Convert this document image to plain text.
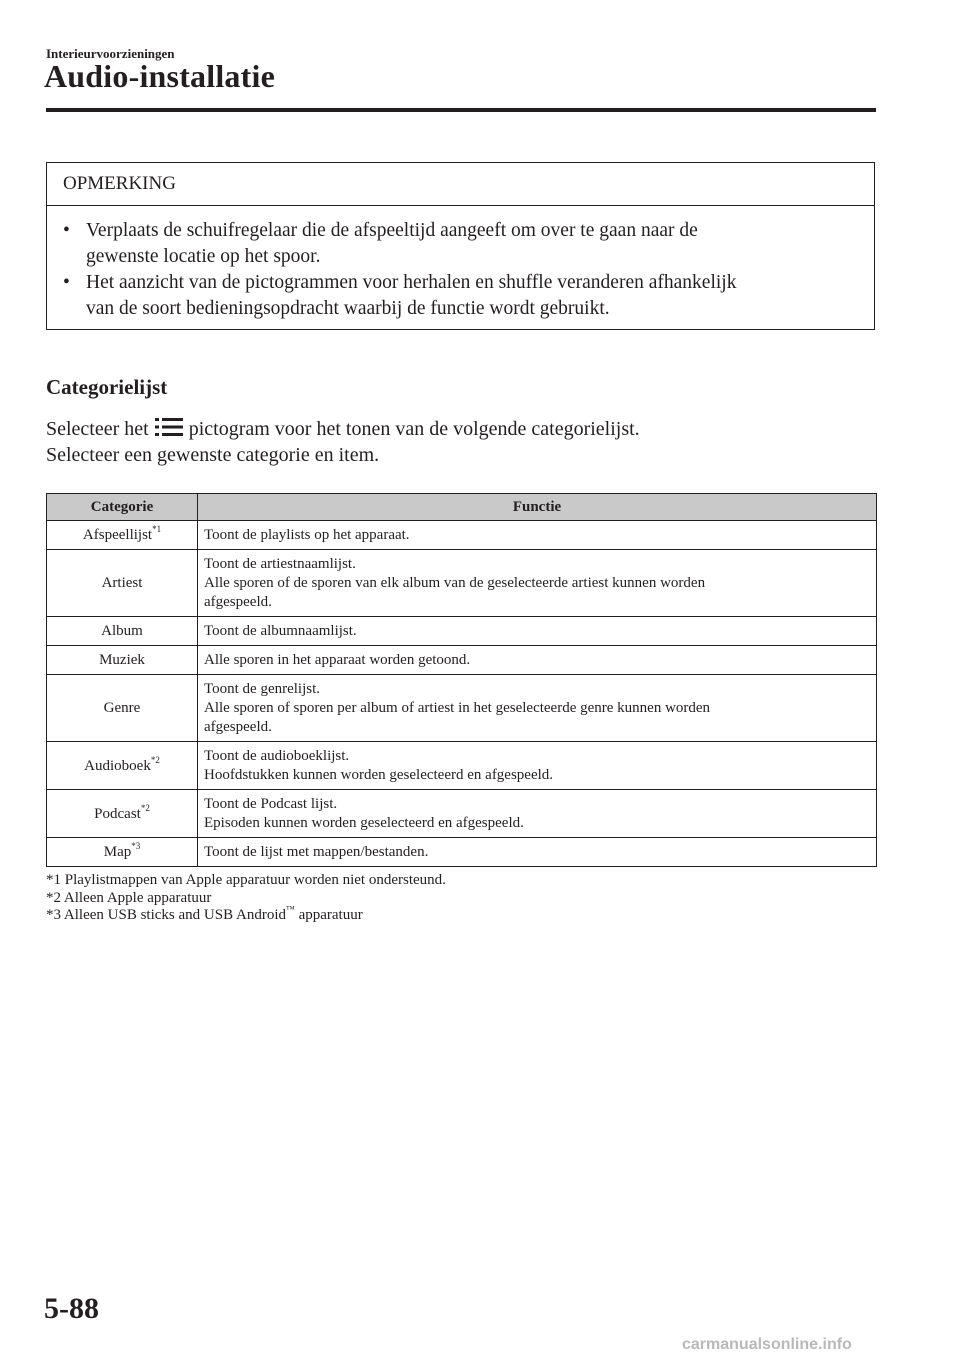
Interieurvoorzieningen
Audio-installatie
OPMERKING
• Verplaats de schuifregelaar die de afspeeltijd aangeeft om over te gaan naar de
gewenste locatie op het spoor.
• Het aanzicht van de pictogrammen voor herhalen en shuffle veranderen afhankelijk
van de soort bedieningsopdracht waarbij de functie wordt gebruikt.
Categorielijst
Selecteer het pictogram voor het tonen van de volgende categorielijst.
Selecteer een gewenste categorie en item.
Categorie	Functie
Afspeellijst$^{*1}$	Toont de playlists op het apparaat.

Artiest	Toont de artiestnaamlijst.
Alle sporen of de sporen van elk album van de geselecteerde artiest kunnen worden
afgespeeld.

Album	Toont de albumnaamlijst.

Muziek	Alle sporen in het apparaat worden getoond.

Genre	Toont de genrelijst.
Alle sporen of sporen per album of artiest in het geselecteerde genre kunnen worden
afgespeeld.

Audioboek$^{*2}$	Toont de audioboeklijst.
Hoofdstukken kunnen worden geselecteerd en afgespeeld.

Podcast$^{*2}$	Toont de Podcast lijst.
Episoden kunnen worden geselecteerd en afgespeeld.

Map$^{*3}$	Toont de lijst met mappen/bestanden.
*1 Playlistmappen van Apple apparatuur worden niet ondersteund.
*2 Alleen Apple apparatuur
*3 Alleen USB sticks and USB Android™ apparatuur
5-88
carmanualsonline.info
